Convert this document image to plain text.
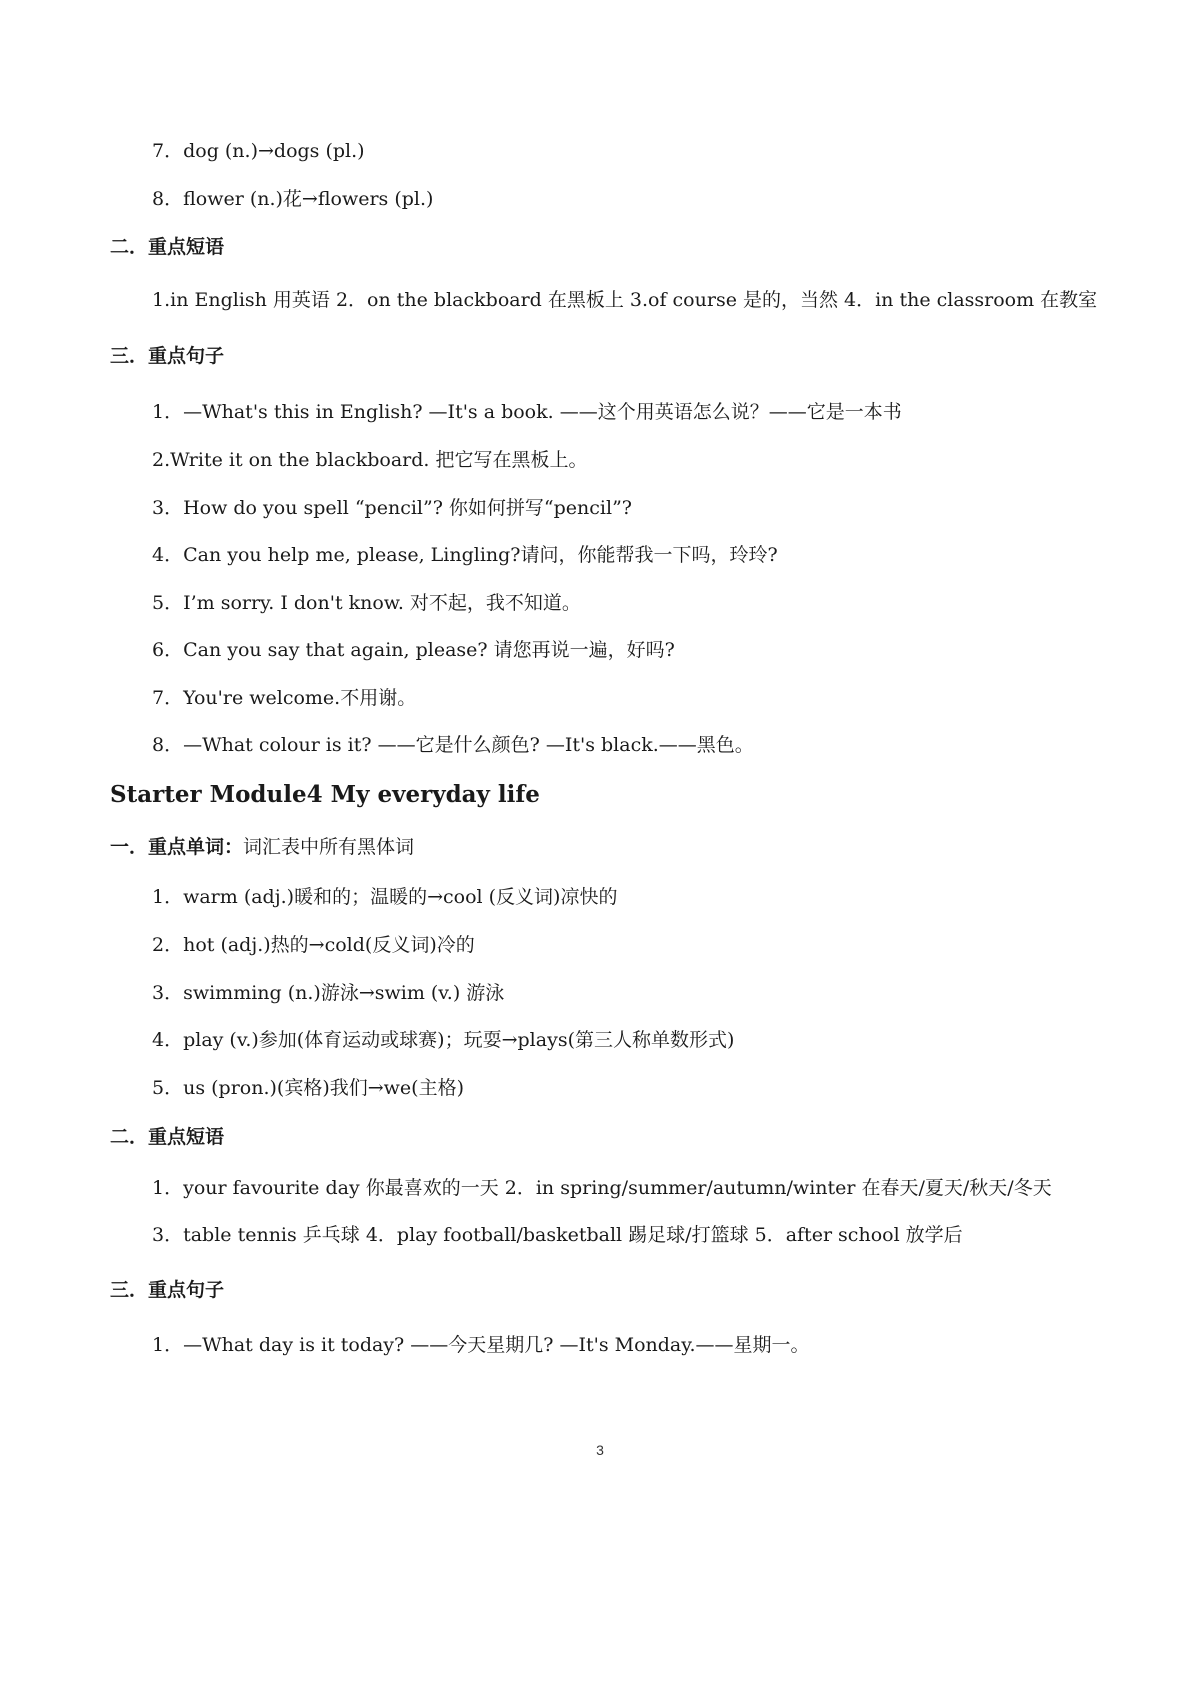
7．dog (n.)→dogs (pl.)
8．flower (n.)花→flowers (pl.)
二．重点短语
1.in English 用英语 2．on the blackboard 在黑板上 3.of course 是的，当然 4．in the classroom 在教室
三．重点句子
1．—What's this in English? —It's a book. ——这个用英语怎么说？——它是一本书
2.Write it on the blackboard. 把它写在黑板上。
3．How do you spell “pencil”? 你如何拼写“pencil”?
4．Can you help me, please, Lingling?请问，你能帮我一下吗，玲玲?
5．I’m sorry. I don't know. 对不起，我不知道。
6．Can you say that again, please? 请您再说一遍，好吗?
7．You're welcome.不用谢。
8．—What colour is it? ——它是什么颜色? —It's black.——黑色。
Starter Module4 My everyday life
一．重点单词：词汇表中所有黑体词
1．warm (adj.)暖和的；温暖的→cool (反义词)凉快的
2．hot (adj.)热的→cold(反义词)冷的
3．swimming (n.)游泳→swim (v.) 游泳
4．play (v.)参加(体育运动或球赛)；玩耍→plays(第三人称单数形式)
5．us (pron.)(宾格)我们→we(主格)
二．重点短语
1．your favourite day 你最喜欢的一天 2．in spring/summer/autumn/winter 在春天/夏天/秋天/冬天
3．table tennis 乒乓球 4．play football/basketball 踢足球/打篮球 5．after school 放学后
三．重点句子
1．—What day is it today? ——今天星期几? —It's Monday.——星期一。
3
